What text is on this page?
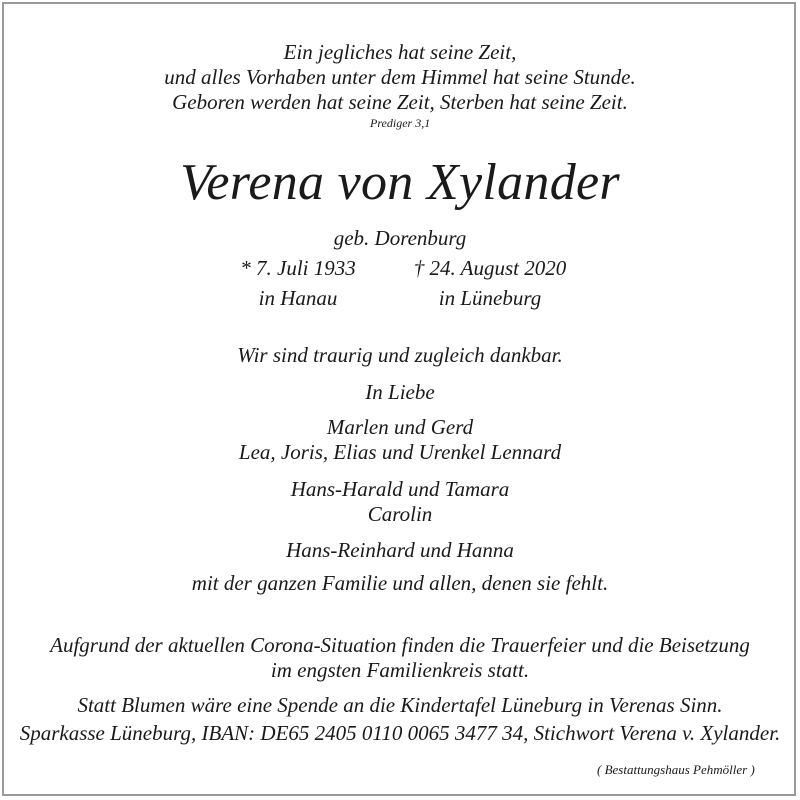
Ein jegliches hat seine Zeit,
und alles Vorhaben unter dem Himmel hat seine Stunde.
Geboren werden hat seine Zeit, Sterben hat seine Zeit.
Prediger 3,1
Verena von Xylander
geb. Dorenburg
* 7. Juli 1933	† 24. August 2020
in Hanau	in Lüneburg
Wir sind traurig und zugleich dankbar.
In Liebe
Marlen und Gerd
Lea, Joris, Elias und Urenkel Lennard
Hans-Harald und Tamara
Carolin
Hans-Reinhard und Hanna
mit der ganzen Familie und allen, denen sie fehlt.
Aufgrund der aktuellen Corona-Situation finden die Trauerfeier und die Beisetzung
im engsten Familienkreis statt.
Statt Blumen wäre eine Spende an die Kindertafel Lüneburg in Verenas Sinn.
Sparkasse Lüneburg, IBAN: DE65 2405 0110 0065 3477 34, Stichwort Verena v. Xylander.
( Bestattungshaus Pehmöller )
